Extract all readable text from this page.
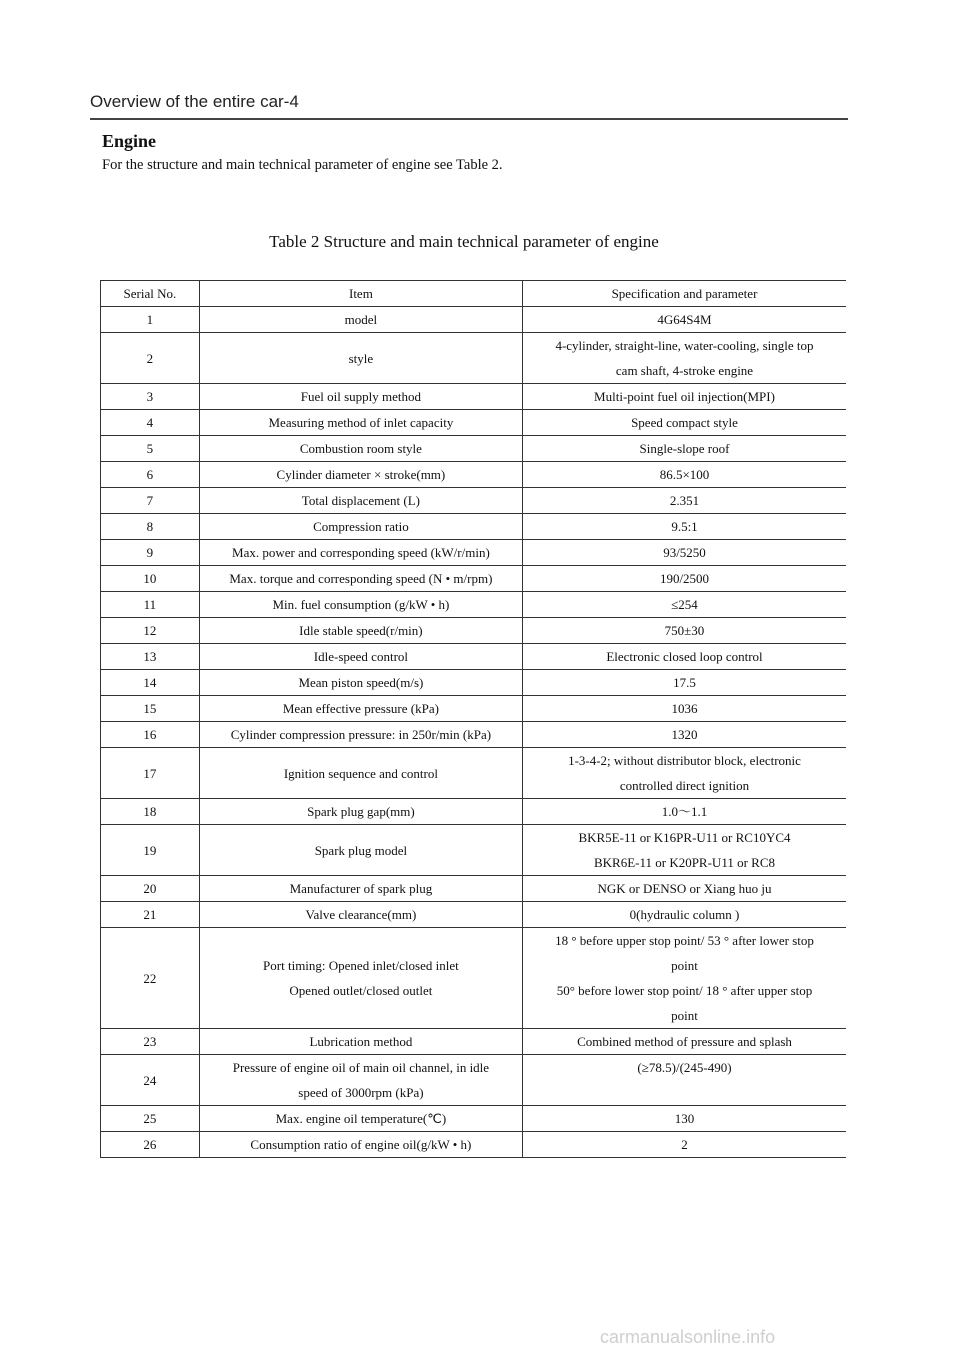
Overview of the entire car-4
Engine
For the structure and main technical parameter of engine see Table 2.
Table 2 Structure and main technical parameter of engine
Serial No.	Item	Specification and parameter
1	model	4G64S4M

2	style	4-cylinder, straight-line, water-cooling, single top
cam shaft, 4-stroke engine

3	Fuel oil supply method	Multi-point fuel oil injection(MPI)

4	Measuring method of inlet capacity	Speed compact style

5	Combustion room style	Single-slope roof

6	Cylinder diameter × stroke(mm)	86.5×100

7	Total displacement (L)	2.351

8	Compression ratio	9.5:1

9	Max. power and corresponding speed (kW/r/min)	93/5250

10	Max. torque and corresponding speed (N • m/rpm)	190/2500

11	Min. fuel consumption (g/kW • h)	≤254

12	Idle stable speed(r/min)	750±30

13	Idle-speed control	Electronic closed loop control

14	Mean piston speed(m/s)	17.5

15	Mean effective pressure (kPa)	1036

16	Cylinder compression pressure: in 250r/min (kPa)	1320

17	Ignition sequence and control	1-3-4-2; without distributor block, electronic
controlled direct ignition

18	Spark plug gap(mm)	1.0～1.1

19	Spark plug model	BKR5E-11 or K16PR-U11 or RC10YC4
BKR6E-11 or K20PR-U11 or RC8

20	Manufacturer of spark plug	NGK or DENSO or Xiang huo ju

21	Valve clearance(mm)	0(hydraulic column )

22	Port timing: Opened inlet/closed inlet
Opened outlet/closed outlet	18 ° before upper stop point/ 53 ° after lower stop
point
50° before lower stop point/ 18 ° after upper stop
point

23	Lubrication method	Combined method of pressure and splash

24	Pressure of engine oil of main oil channel, in idle
speed of 3000rpm (kPa)	(≥78.5)/(245-490)

25	Max. engine oil temperature(℃)	130

26	Consumption ratio of engine oil(g/kW • h)	2
carmanualsonline.info
